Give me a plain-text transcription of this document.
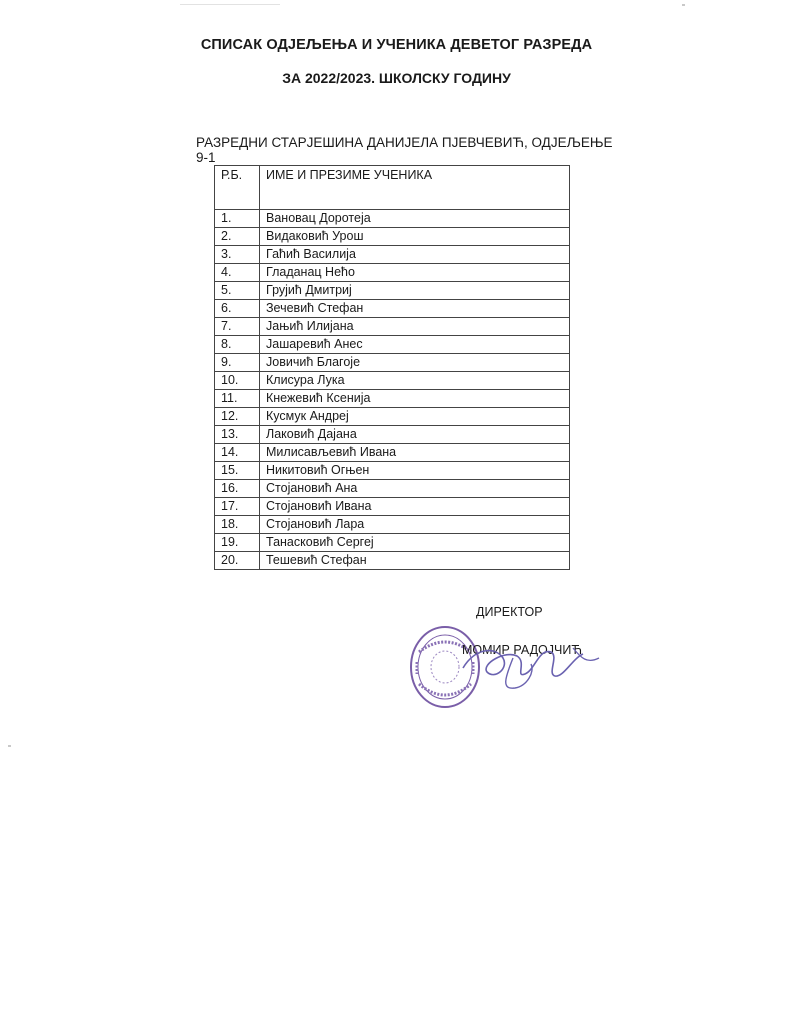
СПИСАК ОДЈЕЉЕЊА И УЧЕНИКА ДЕВЕТОГ РАЗРЕДА
ЗА 2022/2023. ШКОЛСКУ ГОДИНУ
РАЗРЕДНИ СТАРЈЕШИНА ДАНИЈЕЛА ПЈЕВЧЕВИЋ, ОДЈЕЉЕЊЕ 9-1
Р.Б.	ИМЕ И ПРЕЗИМЕ УЧЕНИКА
1.	Вановац Доротеја
2.	Видаковић Урош
3.	Гаћић Василија
4.	Гладанац Нећо
5.	Грујић Дмитриј
6.	Зечевић Стефан
7.	Јањић Илијана
8.	Јашаревић Анес
9.	Јовичић Благоје
10.	Клисура Лука
11.	Кнежевић Ксенија
12.	Кусмук Андреј
13.	Лаковић Дајана
14.	Милисављевић Ивана
15.	Никитовић Огњен
16.	Стојановић Ана
17.	Стојановић Ивана
18.	Стојановић Лара
19.	Танасковић Сергеј
20.	Тешевић Стефан
ДИРЕКТОР
МОМИР РАДОЈЧИЋ
